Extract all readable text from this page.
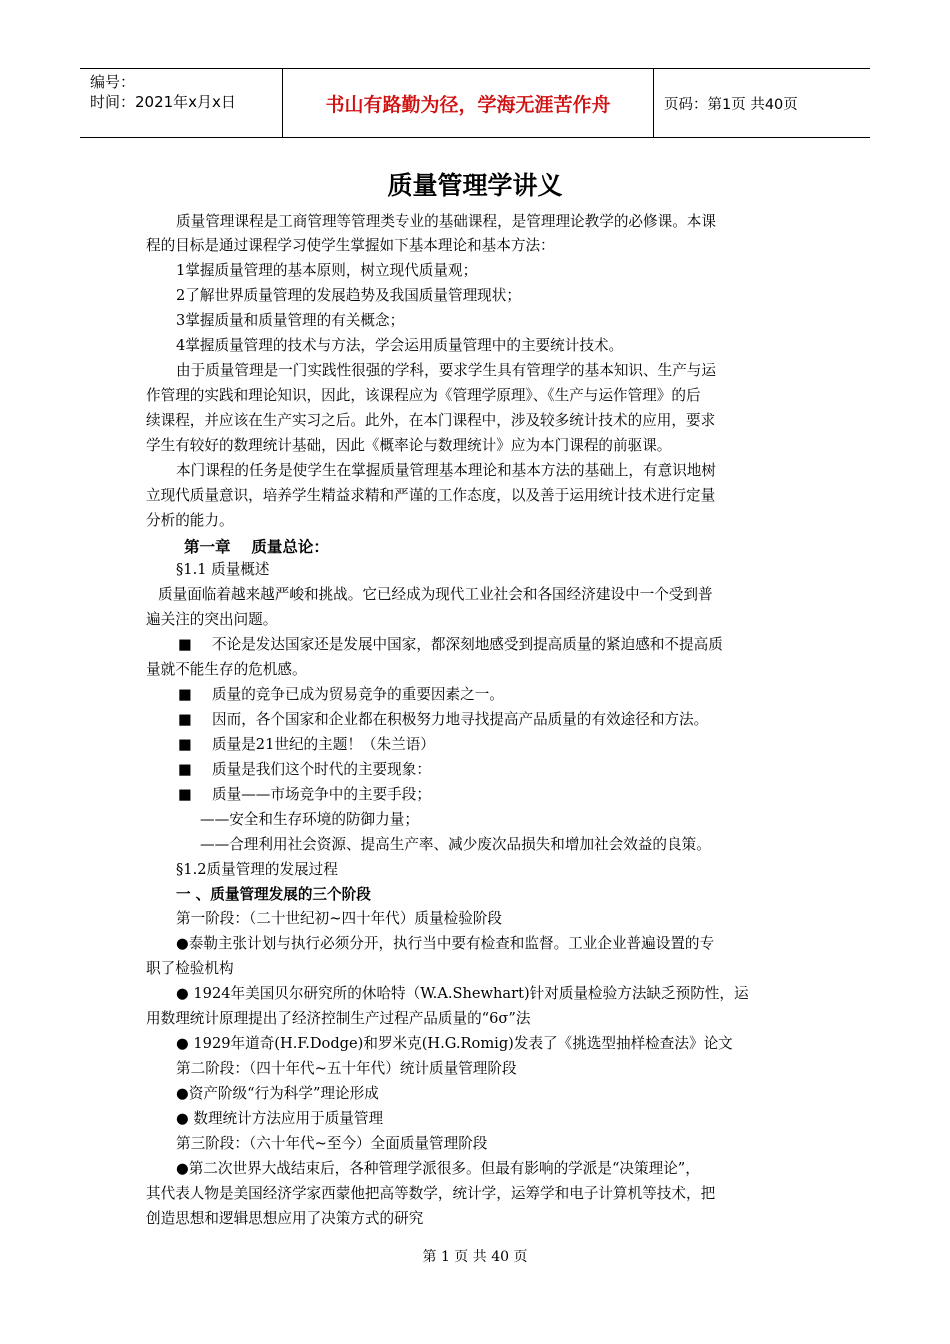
编号：
时间：2021年x月x日	书山有路勤为径，学海无涯苦作舟	页码：第1页 共40页
质量管理学讲义
质量管理课程是工商管理等管理类专业的基础课程，是管理理论教学的必修课。本课
程的目标是通过课程学习使学生掌握如下基本理论和基本方法：
1掌握质量管理的基本原则，树立现代质量观；
2了解世界质量管理的发展趋势及我国质量管理现状；
3掌握质量和质量管理的有关概念；
4掌握质量管理的技术与方法，学会运用质量管理中的主要统计技术。
由于质量管理是一门实践性很强的学科，要求学生具有管理学的基本知识、生产与运
作管理的实践和理论知识，因此，该课程应为《管理学原理》、《生产与运作管理》的后
续课程，并应该在生产实习之后。此外，在本门课程中，涉及较多统计技术的应用，要求
学生有较好的数理统计基础，因此《概率论与数理统计》应为本门课程的前驱课。
本门课程的任务是使学生在掌握质量管理基本理论和基本方法的基础上，有意识地树
立现代质量意识，培养学生精益求精和严谨的工作态度，以及善于运用统计技术进行定量
分析的能力。
第一章　 质量总论：
§1.1 质量概述
质量面临着越来越严峻和挑战。它已经成为现代工业社会和各国经济建设中一个受到普
遍关注的突出问题。
■ 不论是发达国家还是发展中国家，都深刻地感受到提高质量的紧迫感和不提高质
量就不能生存的危机感。
■ 质量的竞争已成为贸易竞争的重要因素之一。
■ 因而，各个国家和企业都在积极努力地寻找提高产品质量的有效途径和方法。
■ 质量是21世纪的主题！（朱兰语）
■ 质量是我们这个时代的主要现象：
■ 质量——市场竞争中的主要手段；
——安全和生存环境的防御力量；
——合理利用社会资源、提高生产率、减少废次品损失和增加社会效益的良策。
§1.2质量管理的发展过程
一 、质量管理发展的三个阶段
第一阶段：（二十世纪初~四十年代）质量检验阶段
●泰勒主张计划与执行必须分开，执行当中要有检查和监督。工业企业普遍设置的专
职了检验机构
● 1924年美国贝尔研究所的休哈特（W.A.Shewhart)针对质量检验方法缺乏预防性，运
用数理统计原理提出了经济控制生产过程产品质量的“6σ”法
● 1929年道奇(H.F.Dodge)和罗米克(H.G.Romig)发表了《挑选型抽样检查法》论文
第二阶段：（四十年代~五十年代）统计质量管理阶段
●资产阶级“行为科学”理论形成
● 数理统计方法应用于质量管理
第三阶段：（六十年代~至今）全面质量管理阶段
●第二次世界大战结束后，各种管理学派很多。但最有影响的学派是“决策理论”，
其代表人物是美国经济学家西蒙他把高等数学，统计学，运筹学和电子计算机等技术，把
创造思想和逻辑思想应用了决策方式的研究
第 1 页 共 40 页
